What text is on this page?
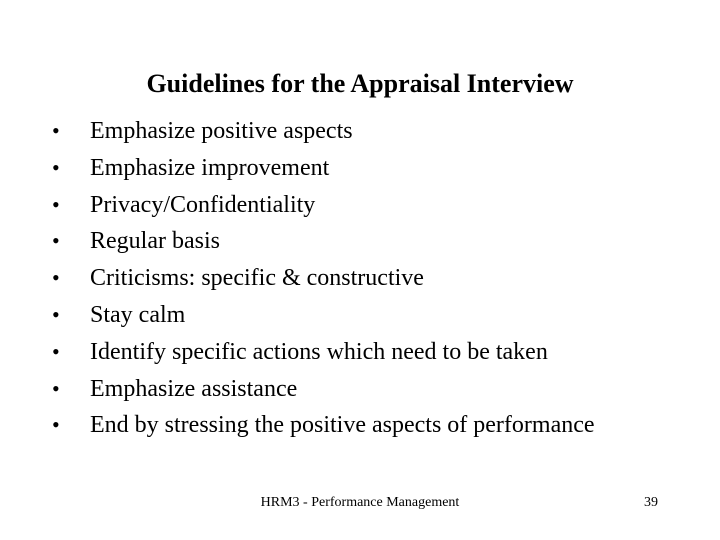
Guidelines for the Appraisal Interview
•	Emphasize positive aspects
•	Emphasize improvement
•	Privacy/Confidentiality
•	Regular basis
•	Criticisms: specific & constructive
•	Stay calm
•	Identify specific actions which need to be taken
•	Emphasize assistance
•	End by stressing the positive aspects of performance
HRM3 - Performance Management	39
